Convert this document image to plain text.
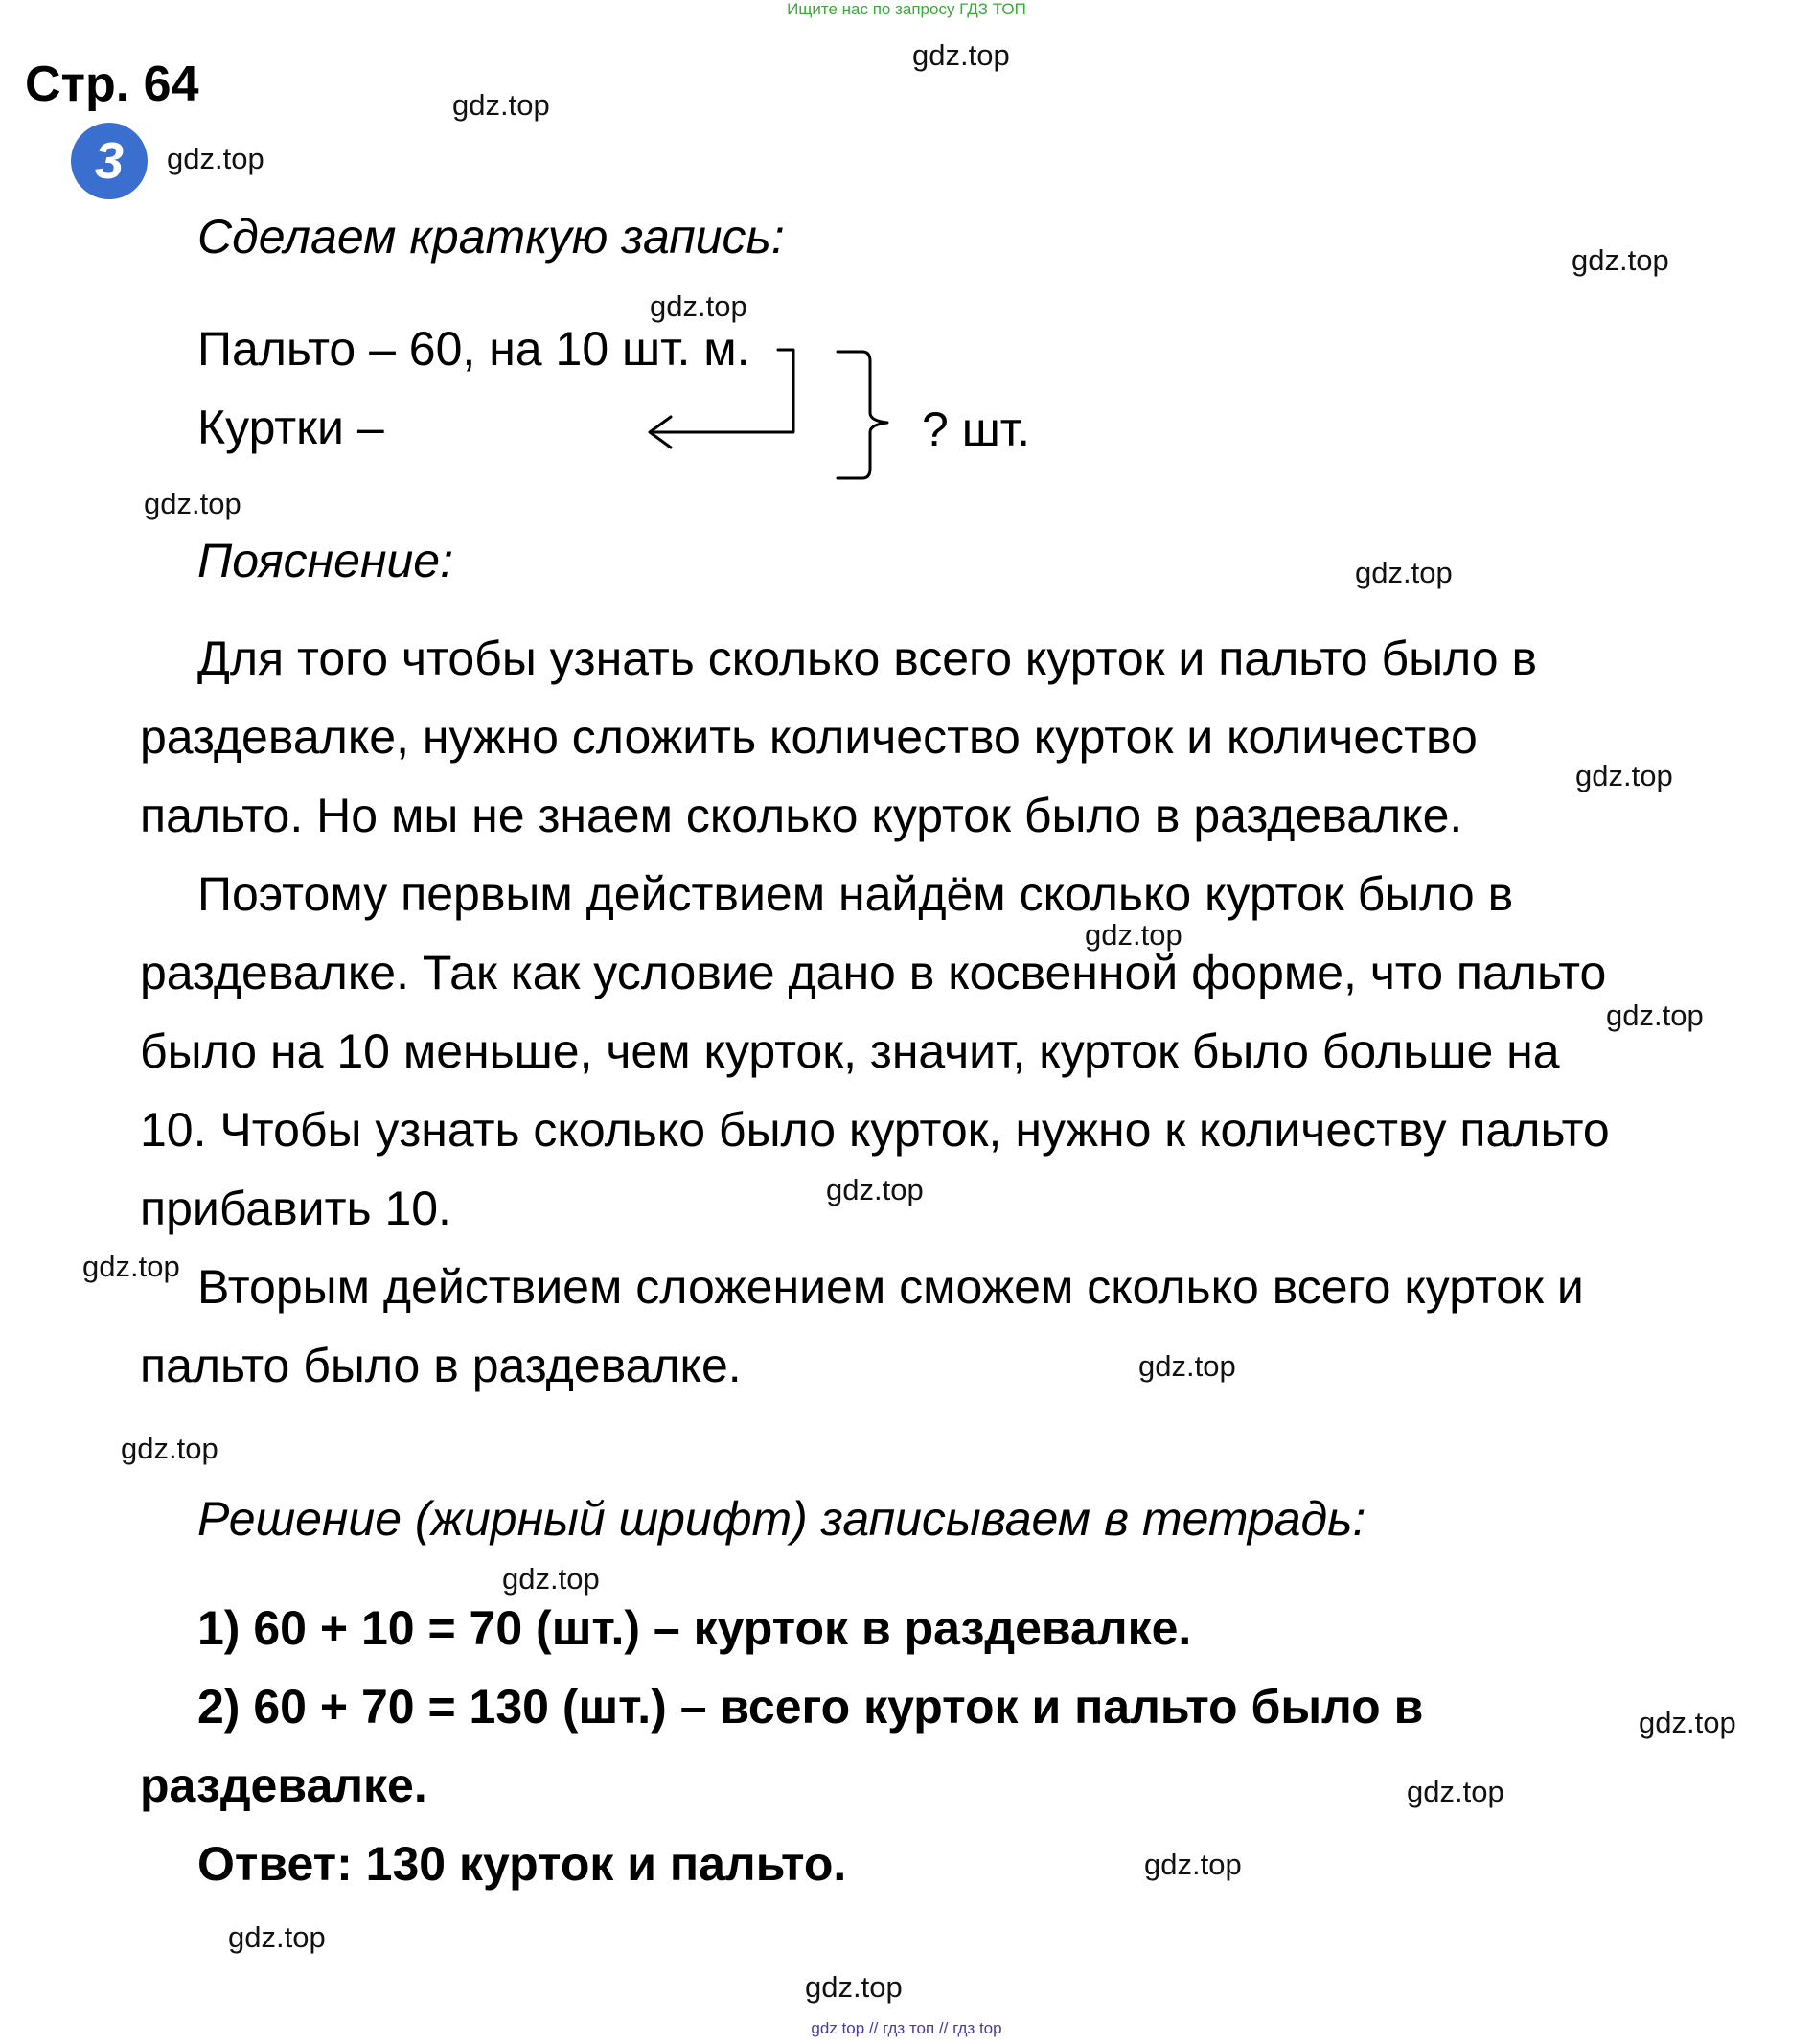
Ищите нас по запросу ГДЗ ТОП
Стр. 64
3
gdz.top
gdz.top
gdz.top
gdz.top
gdz.top
gdz.top
gdz.top
gdz.top
gdz.top
gdz.top
gdz.top
gdz.top
gdz.top
gdz.top
gdz.top
gdz.top
gdz.top
gdz.top
gdz.top
gdz.top
Сделаем краткую запись:
Пальто – 60, на 10 шт. м.
Куртки –	? шт.
Пояснение:
Для того чтобы узнать сколько всего курток и пальто было в
раздевалке, нужно сложить количество курток и количество
пальто. Но мы не знаем сколько курток было в раздевалке.
Поэтому первым действием найдём сколько курток было в
раздевалке. Так как условие дано в косвенной форме, что пальто
было на 10 меньше, чем курток, значит, курток было больше на
10. Чтобы узнать сколько было курток, нужно к количеству пальто
прибавить 10.
Вторым действием сложением сможем сколько всего курток и
пальто было в раздевалке.
Решение (жирный шрифт) записываем в тетрадь:
1) 60 + 10 = 70 (шт.) – курток в раздевалке.
2) 60 + 70 = 130 (шт.) – всего курток и пальто было в
раздевалке.
Ответ: 130 курток и пальто.
gdz top // гдз топ // гдз top
